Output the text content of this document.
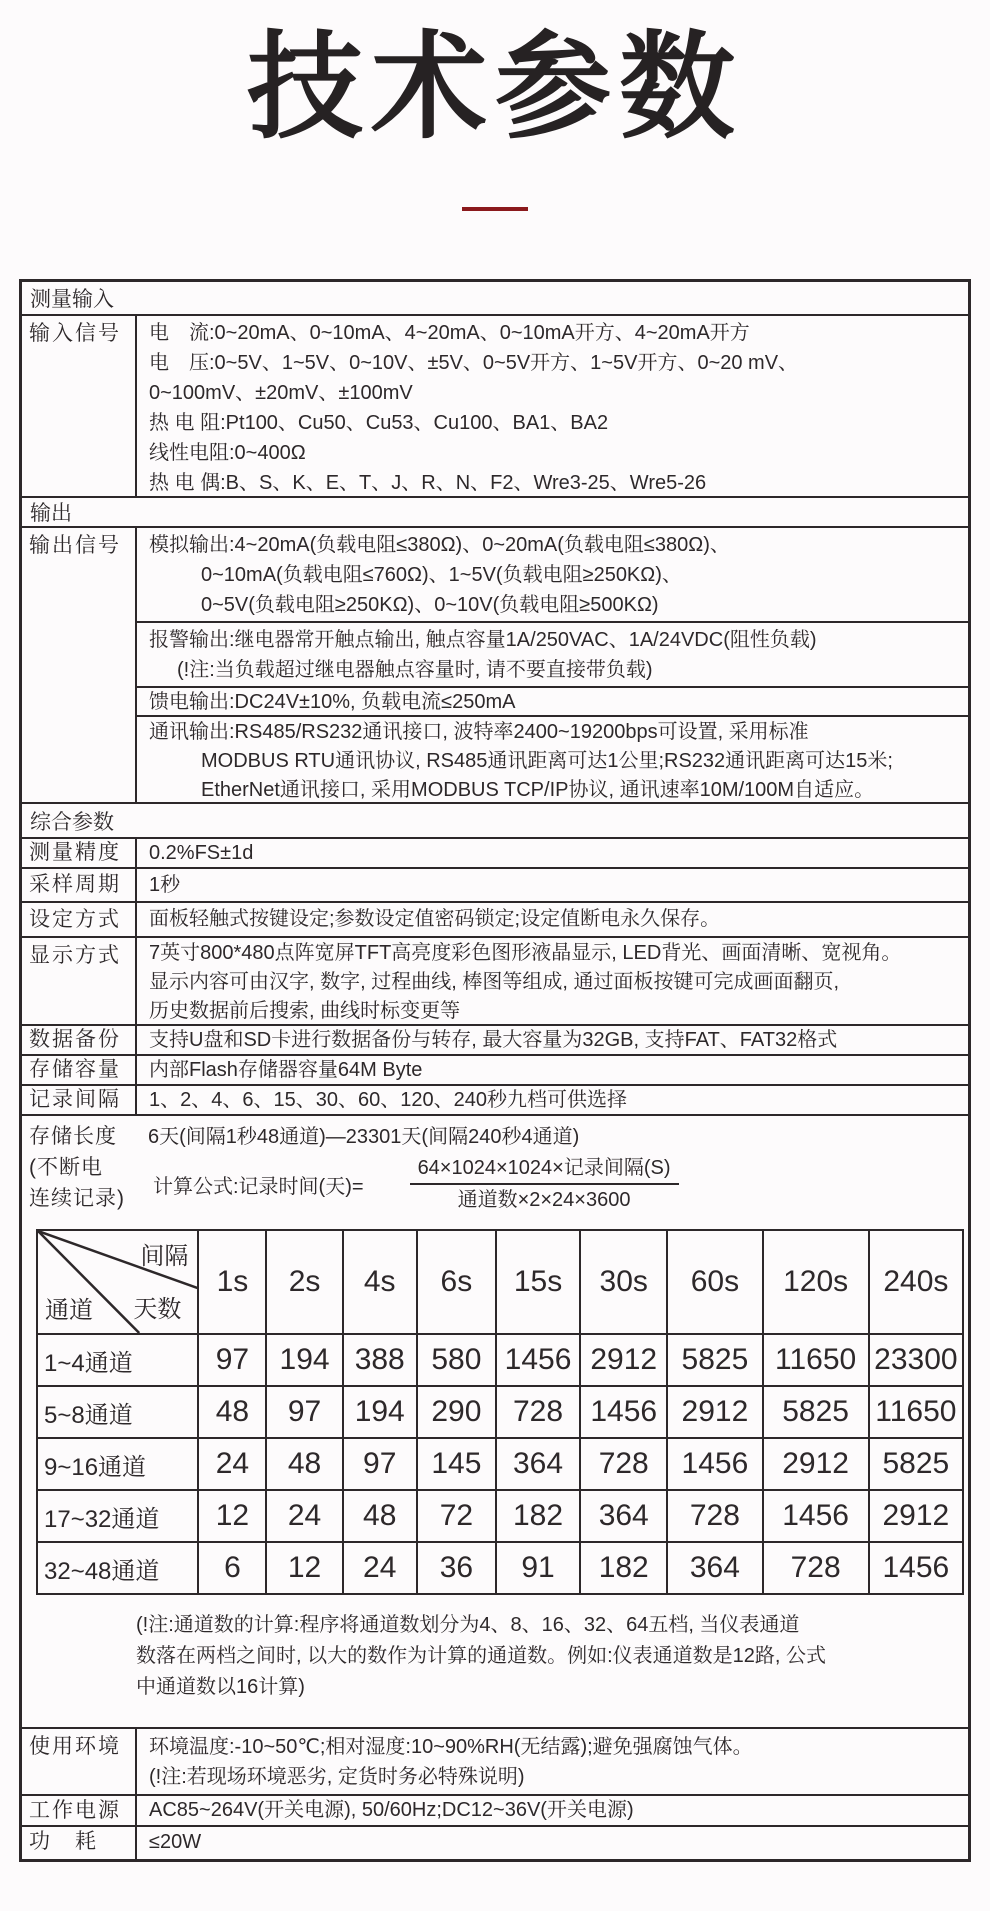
技术参数
测量输入
输入信号	电　流:0~20mA、0~10mA、4~20mA、0~10mA开方、4~20mA开方
电　压:0~5V、1~5V、0~10V、±5V、0~5V开方、1~5V开方、0~20 mV、
0~100mV、±20mV、±100mV
热 电 阻:Pt100、Cu50、Cu53、Cu100、BA1、BA2
线性电阻:0~400Ω
热 电 偶:B、S、K、E、T、J、R、N、F2、Wre3-25、Wre5-26
输出
输出信号	模拟输出:4~20mA(负载电阻≤380Ω)、0~20mA(负载电阻≤380Ω)、
0~10mA(负载电阻≤760Ω)、1~5V(负载电阻≥250KΩ)、
0~5V(负载电阻≥250KΩ)、0~10V(负载电阻≥500KΩ)
报警输出:继电器常开触点输出, 触点容量1A/250VAC、1A/24VDC(阻性负载)
(!注:当负载超过继电器触点容量时, 请不要直接带负载)
馈电输出:DC24V±10%, 负载电流≤250mA
通讯输出:RS485/RS232通讯接口, 波特率2400~19200bps可设置, 采用标准
MODBUS RTU通讯协议, RS485通讯距离可达1公里;RS232通讯距离可达15米;
EtherNet通讯接口, 采用MODBUS TCP/IP协议, 通讯速率10M/100M自适应。
综合参数
测量精度	0.2%FS±1d
采样周期	1秒
设定方式	面板轻触式按键设定;参数设定值密码锁定;设定值断电永久保存。
显示方式	7英寸800*480点阵宽屏TFT高亮度彩色图形液晶显示, LED背光、画面清晰、宽视角。
显示内容可由汉字, 数字, 过程曲线, 棒图等组成, 通过面板按键可完成画面翻页,
历史数据前后搜索, 曲线时标变更等
数据备份	支持U盘和SD卡进行数据备份与转存, 最大容量为32GB, 支持FAT、FAT32格式
存储容量	内部Flash存储器容量64M Byte
记录间隔	1、2、4、6、15、30、60、120、240秒九档可供选择
存储长度
(不断电
连续记录)
6天(间隔1秒48通道)—23301天(间隔240秒4通道)
计算公式:记录时间(天)= $\frac{\text{64×1024×1024×记录间隔(S)}}{\text{通道数×2×24×3600}}$
间隔
天数
通道	1s	2s	4s	6s	15s	30s	60s	120s	240s
1~4通道	97	194	388	580	1456	2912	5825	11650	23300
5~8通道	48	97	194	290	728	1456	2912	5825	11650
9~16通道	24	48	97	145	364	728	1456	2912	5825
17~32通道	12	24	48	72	182	364	728	1456	2912
32~48通道	6	12	24	36	91	182	364	728	1456
(!注:通道数的计算:程序将通道数划分为4、8、16、32、64五档, 当仪表通道
数落在两档之间时, 以大的数作为计算的通道数。例如:仪表通道数是12路, 公式
中通道数以16计算)
使用环境	环境温度:-10~50℃;相对湿度:10~90%RH(无结露);避免强腐蚀气体。
(!注:若现场环境恶劣, 定货时务必特殊说明)
工作电源	AC85~264V(开关电源), 50/60Hz;DC12~36V(开关电源)
功　耗	≤20W
